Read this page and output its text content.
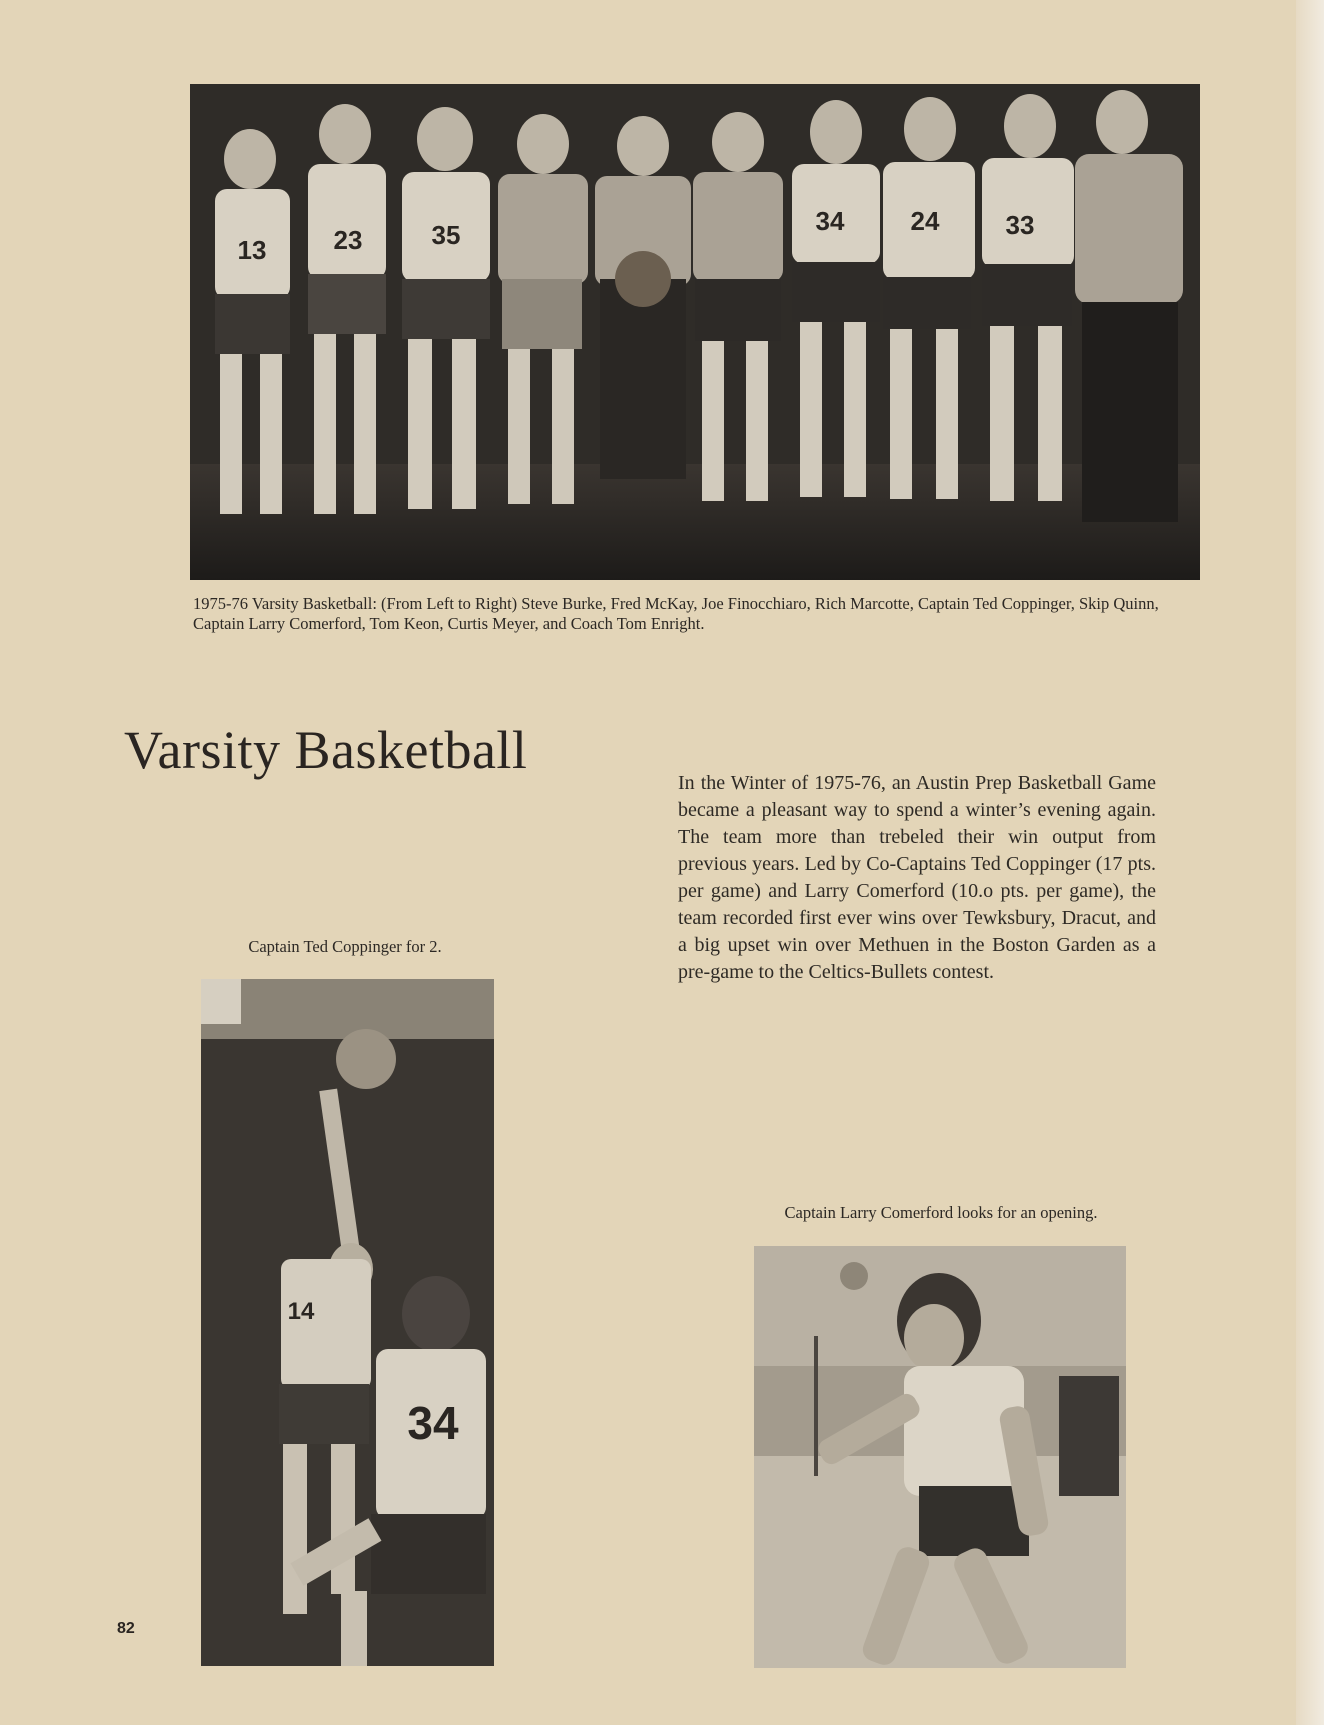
13	23	35	34	24	33
1975-76 Varsity Basketball: (From Left to Right) Steve Burke, Fred McKay, Joe Finocchiaro, Rich Marcotte, Captain Ted Coppinger, Skip Quinn, Captain Larry Comerford, Tom Keon, Curtis Meyer, and Coach Tom Enright.
Varsity Basketball

In the Winter of 1975-76, an Austin Prep Basketball Game became a pleasant way to spend a winter’s evening again. The team more than trebeled their win output from previous years. Led by Co-Captains Ted Coppinger (17 pts. per game) and Larry Comerford (10.o pts. per game), the team recorded first ever wins over Tewksbury, Dracut, and a big upset win over Methuen in the Boston Garden as a pre-game to the Celtics-Bullets contest.

Captain Ted Coppinger for 2.
14
34
Captain Larry Comerford looks for an opening.
82
